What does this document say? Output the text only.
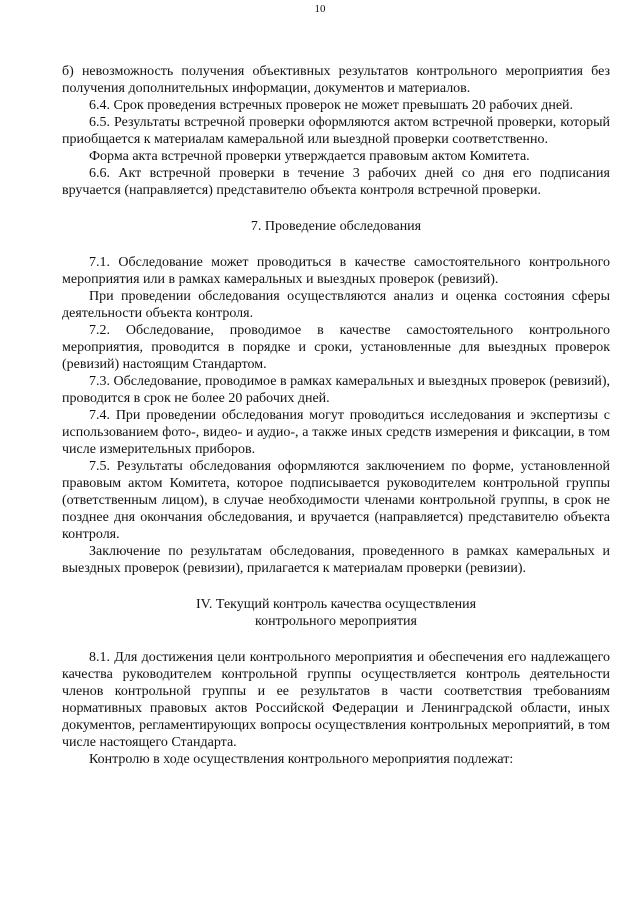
10

б) невозможность получения объективных результатов контрольного мероприятия без получения дополнительных информации, документов и материалов.

6.4. Срок проведения встречных проверок не может превышать 20 рабочих дней.

6.5. Результаты встречной проверки оформляются актом встречной проверки, который приобщается к материалам камеральной или выездной проверки соответственно.

Форма акта встречной проверки утверждается правовым актом Комитета.

6.6. Акт встречной проверки в течение 3 рабочих дней со дня его подписания вручается (направляется) представителю объекта контроля встречной проверки.

7. Проведение обследования

7.1. Обследование может проводиться в качестве самостоятельного контрольного мероприятия или в рамках камеральных и выездных проверок (ревизий).

При проведении обследования осуществляются анализ и оценка состояния сферы деятельности объекта контроля.

7.2. Обследование, проводимое в качестве самостоятельного контрольного мероприятия, проводится в порядке и сроки, установленные для выездных проверок (ревизий) настоящим Стандартом.

7.3. Обследование, проводимое в рамках камеральных и выездных проверок (ревизий), проводится в срок не более 20 рабочих дней.

7.4. При проведении обследования могут проводиться исследования и экспертизы с использованием фото-, видео- и аудио-, а также иных средств измерения и фиксации, в том числе измерительных приборов.

7.5. Результаты обследования оформляются заключением по форме, установленной правовым актом Комитета, которое подписывается руководителем контрольной группы (ответственным лицом), в случае необходимости членами контрольной группы, в срок не позднее дня окончания обследования, и вручается (направляется) представителю объекта контроля.

Заключение по результатам обследования, проведенного в рамках камеральных и выездных проверок (ревизии), прилагается к материалам проверки (ревизии).

IV. Текущий контроль качества осуществления
контрольного мероприятия

8.1. Для достижения цели контрольного мероприятия и обеспечения его надлежащего качества руководителем контрольной группы осуществляется контроль деятельности членов контрольной группы и ее результатов в части соответствия требованиям нормативных правовых актов Российской Федерации и Ленинградской области, иных документов, регламентирующих вопросы осуществления контрольных мероприятий, в том числе настоящего Стандарта.

Контролю в ходе осуществления контрольного мероприятия подлежат:
